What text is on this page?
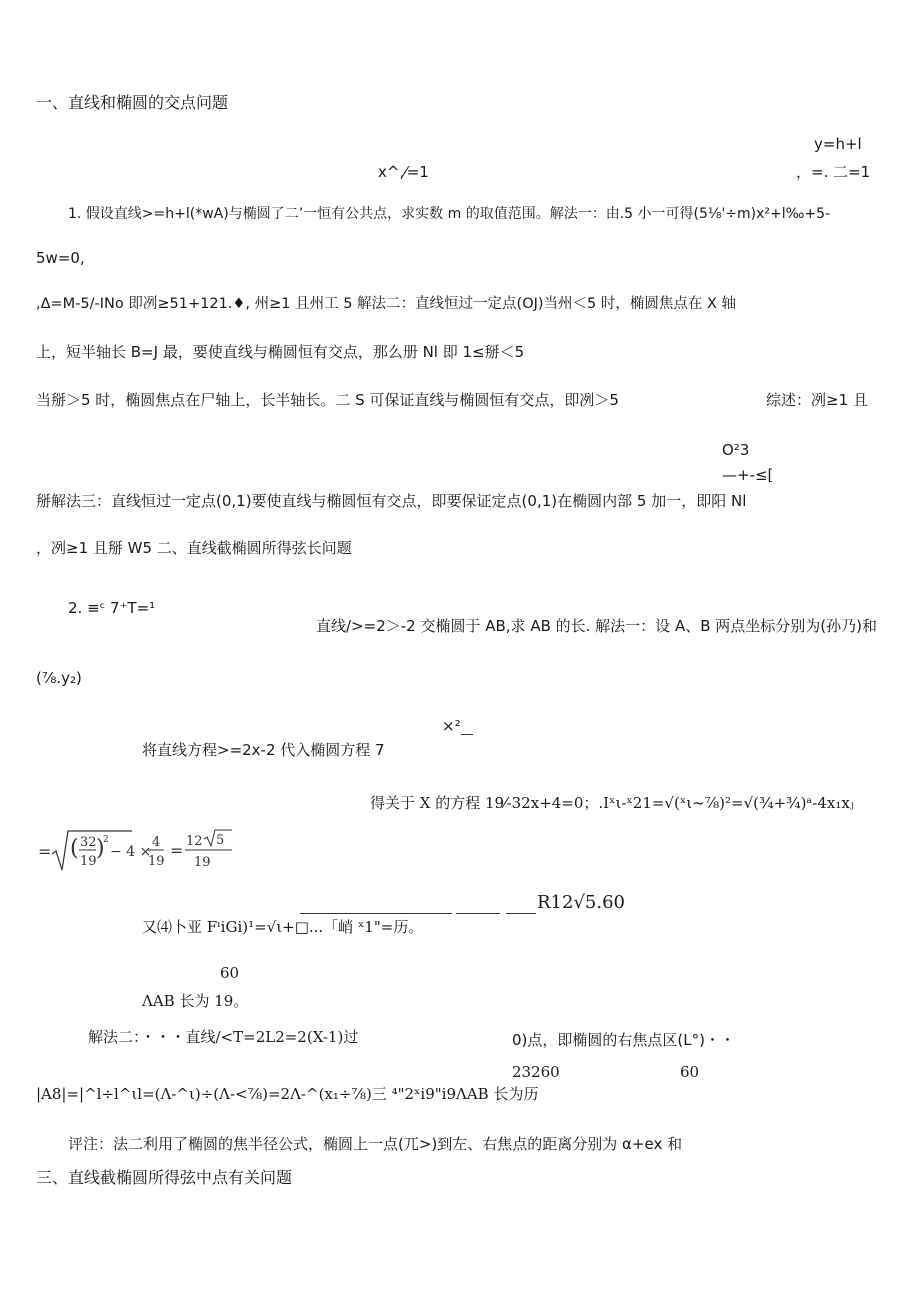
一、直线和椭圆的交点问题
y=h+l
x^,⁄=1	，=. 二=1
1. 假设直线>=h+l(*wA)与椭圆了二’一恒有公共点，求实数 m 的取值范围。解法一：由.5 小一可得(5⅛'÷m)x²+l‰+5-
5w=0,
,Δ=M-5/-INo 即冽≥51+121.♦, 州≥1 且州工 5 解法二：直线恒过一定点(OJ)当州＜5 时，椭圆焦点在 X 轴
上，短半轴长 B=J 最，要使直线与椭圆恒有交点，那么册 Nl 即 1≤掰＜5
当掰＞5 时，椭圆焦点在尸轴上，长半轴长。二 S 可保证直线与椭圆恒有交点，即冽＞5	综述：冽≥1 且
O²3
—+-≤[
掰解法三：直线恒过一定点(0,1)要使直线与椭圆恒有交点，即要保证定点(0,1)在椭圆内部 5 加一，即阳 Nl
，冽≥1 且掰 W5 二、直线截椭圆所得弦长问题
2. ≡ᶜ 7⁺T=¹
直线/>=2＞-2 交椭圆于 AB,求 AB 的长. 解法一：设 A、B 两点坐标分别为(孙乃)和
(⅞.y₂)
×²
将直线方程>=2x-2 代入椭圆方程 7
得关于 X 的方程 19⁄-32x+4=0；.Iˣι-ˣ21=√(ˣι~⅞)²=√(¾+¾)ᵃ-4x₁xⱼ
= ( 32
19
)
2
− 4 ×
4
19
= 12 5
19
R12√5.60
又⑷卜亚 FᶦiGi)¹=√ι+□...「峭 ˣ1"=历。
60
ΛAB 长为 19。
解法二：・・・直线/<T=2L2=2(X-1)过	0)点，即椭圆的右焦点区(L°)・・
23260	60
|A8|=|^l÷l^ιl=(Λ-^ι)÷(Λ-<⅞)=2Λ-^(x₁÷⅞)三 ⁴"2ˣi9"i9ΛAB 长为历
评注：法二利用了椭圆的焦半径公式，椭圆上一点(兀>)到左、右焦点的距离分别为 α+ex 和
三、直线截椭圆所得弦中点有关问题
